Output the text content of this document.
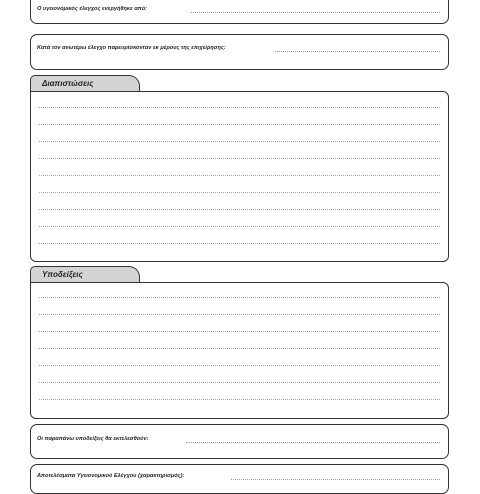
Ο υγειονομικός έλεγχος ενεργήθηκε από:
Κατά τον ανωτέρω έλεγχο παρευρίσκονταν εκ μέρους της επιχείρησης:
Διαπιστώσεις
Υποδείξεις
Οι παραπάνω υποδείξεις θα εκτελεσθούν:
Αποτελέσματα Υγειονομικού Ελέγχου (χαρακτηρισμός):
